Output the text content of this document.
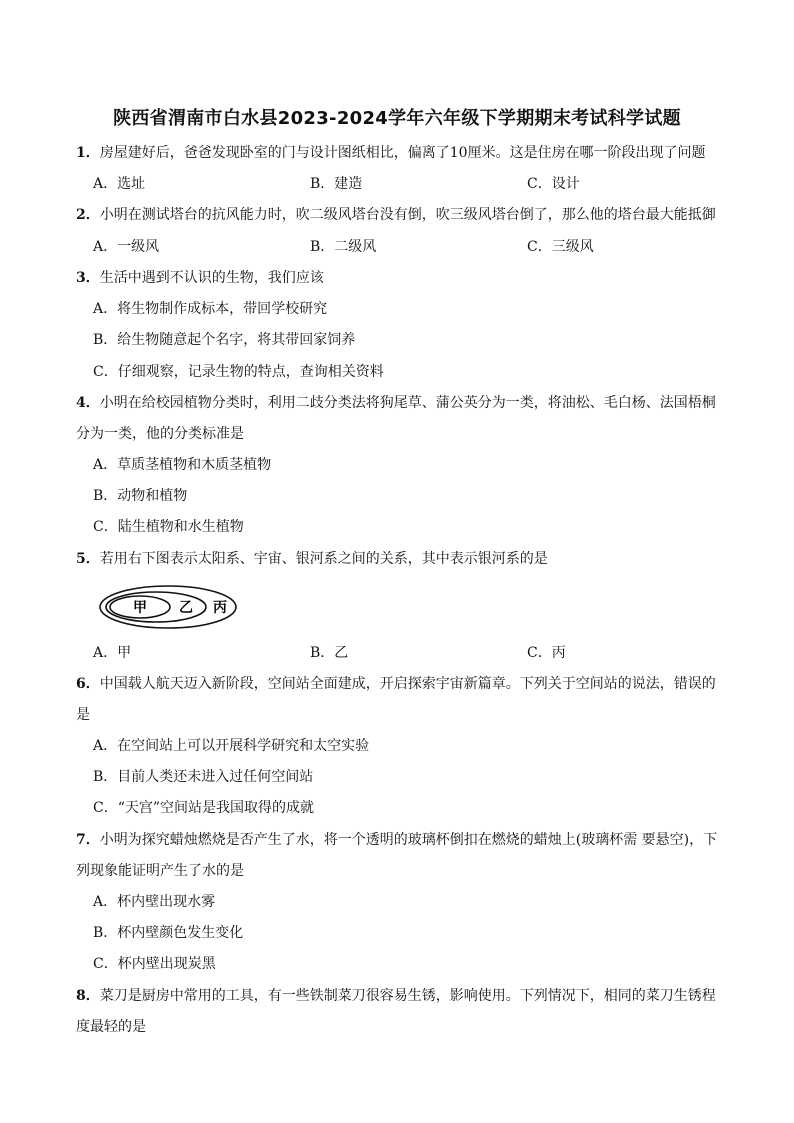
陕西省渭南市白水县2023-2024学年六年级下学期期末考试科学试题
1．房屋建好后，爸爸发现卧室的门与设计图纸相比，偏离了10厘米。这是住房在哪一阶段出现了问题
A．选址	B．建造	C．设计
2．小明在测试塔台的抗风能力时，吹二级风塔台没有倒，吹三级风塔台倒了，那么他的塔台最大能抵御
A．一级风	B．二级风	C．三级风
3．生活中遇到不认识的生物，我们应该
A．将生物制作成标本，带回学校研究
B．给生物随意起个名字，将其带回家饲养
C．仔细观察，记录生物的特点，查询相关资料
4．小明在给校园植物分类时，利用二歧分类法将狗尾草、蒲公英分为一类，将油松、毛白杨、法国梧桐
分为一类，他的分类标准是
A．草质茎植物和木质茎植物
B．动物和植物
C．陆生植物和水生植物
5．若用右下图表示太阳系、宇宙、银河系之间的关系，其中表示银河系的是
甲 乙 丙
A．甲	B．乙	C．丙
6．中国载人航天迈入新阶段，空间站全面建成，开启探索宇宙新篇章。下列关于空间站的说法，错误的
是
A．在空间站上可以开展科学研究和太空实验
B．目前人类还未进入过任何空间站
C．“天宫”空间站是我国取得的成就
7．小明为探究蜡烛燃烧是否产生了水，将一个透明的玻璃杯倒扣在燃烧的蜡烛上(玻璃杯需 要悬空)，下
列现象能证明产生了水的是
A．杯内壁出现水雾
B．杯内壁颜色发生变化
C．杯内壁出现炭黑
8．菜刀是厨房中常用的工具，有一些铁制菜刀很容易生锈，影响使用。下列情况下，相同的菜刀生锈程
度最轻的是
